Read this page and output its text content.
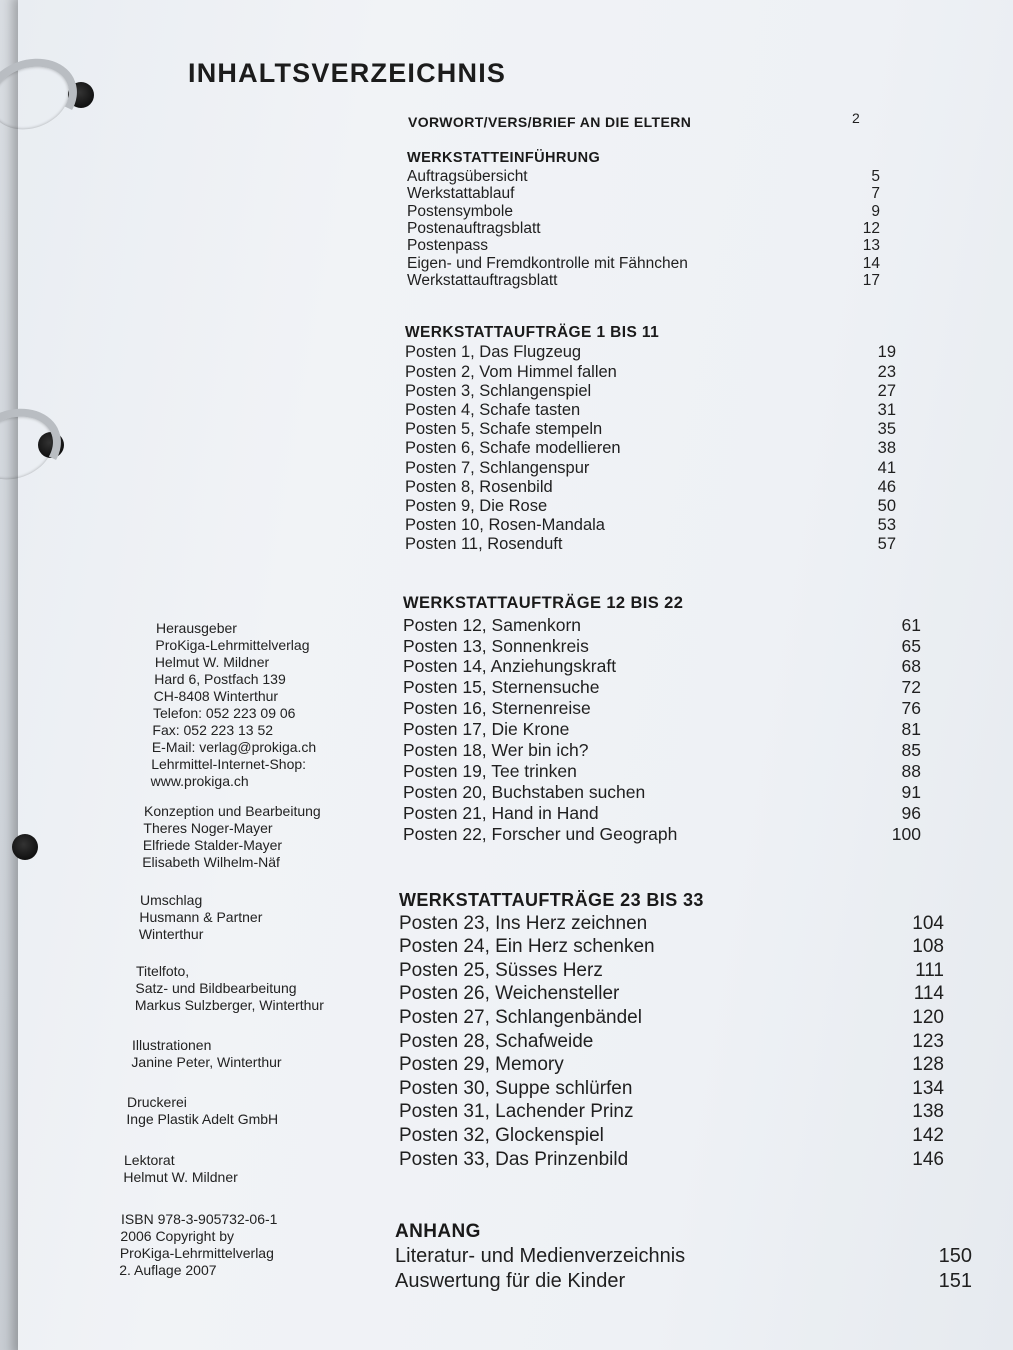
INHALTSVERZEICHNIS
VORWORT/VERS/BRIEF AN DIE ELTERN	2
WERKSTATTEINFÜHRUNG
Auftragsübersicht	5
Werkstattablauf	7
Postensymbole	9
Postenauftragsblatt	12
Postenpass	13
Eigen- und Fremdkontrolle mit Fähnchen	14
Werkstattauftragsblatt	17
WERKSTATTAUFTRÄGE 1 BIS 11
Posten 1, Das Flugzeug	19
Posten 2, Vom Himmel fallen	23
Posten 3, Schlangenspiel	27
Posten 4, Schafe tasten	31
Posten 5, Schafe stempeln	35
Posten 6, Schafe modellieren	38
Posten 7, Schlangenspur	41
Posten 8, Rosenbild	46
Posten 9, Die Rose	50
Posten 10, Rosen-Mandala	53
Posten 11, Rosenduft	57
WERKSTATTAUFTRÄGE 12 BIS 22
Posten 12, Samenkorn	61
Posten 13, Sonnenkreis	65
Posten 14, Anziehungskraft	68
Posten 15, Sternensuche	72
Posten 16, Sternenreise	76
Posten 17, Die Krone	81
Posten 18, Wer bin ich?	85
Posten 19, Tee trinken	88
Posten 20, Buchstaben suchen	91
Posten 21, Hand in Hand	96
Posten 22, Forscher und Geograph	100
WERKSTATTAUFTRÄGE 23 BIS 33
Posten 23, Ins Herz zeichnen	104
Posten 24, Ein Herz schenken	108
Posten 25, Süsses Herz	111
Posten 26, Weichensteller	114
Posten 27, Schlangenbändel	120
Posten 28, Schafweide	123
Posten 29, Memory	128
Posten 30, Suppe schlürfen	134
Posten 31, Lachender Prinz	138
Posten 32, Glockenspiel	142
Posten 33, Das Prinzenbild	146
ANHANG
Literatur- und Medienverzeichnis	150
Auswertung für die Kinder	151
Herausgeber
ProKiga-Lehrmittelverlag
Helmut W. Mildner
Hard 6, Postfach 139
CH-8408 Winterthur
Telefon: 052 223 09 06
Fax: 052 223 13 52
E-Mail: verlag@prokiga.ch
Lehrmittel-Internet-Shop:
www.prokiga.ch
Konzeption und Bearbeitung
Theres Noger-Mayer
Elfriede Stalder-Mayer
Elisabeth Wilhelm-Näf
Umschlag
Husmann & Partner
Winterthur
Titelfoto,
Satz- und Bildbearbeitung
Markus Sulzberger, Winterthur
Illustrationen
Janine Peter, Winterthur
Druckerei
Inge Plastik Adelt GmbH
Lektorat
Helmut W. Mildner
ISBN 978-3-905732-06-1
2006 Copyright by
ProKiga-Lehrmittelverlag
2. Auflage 2007
